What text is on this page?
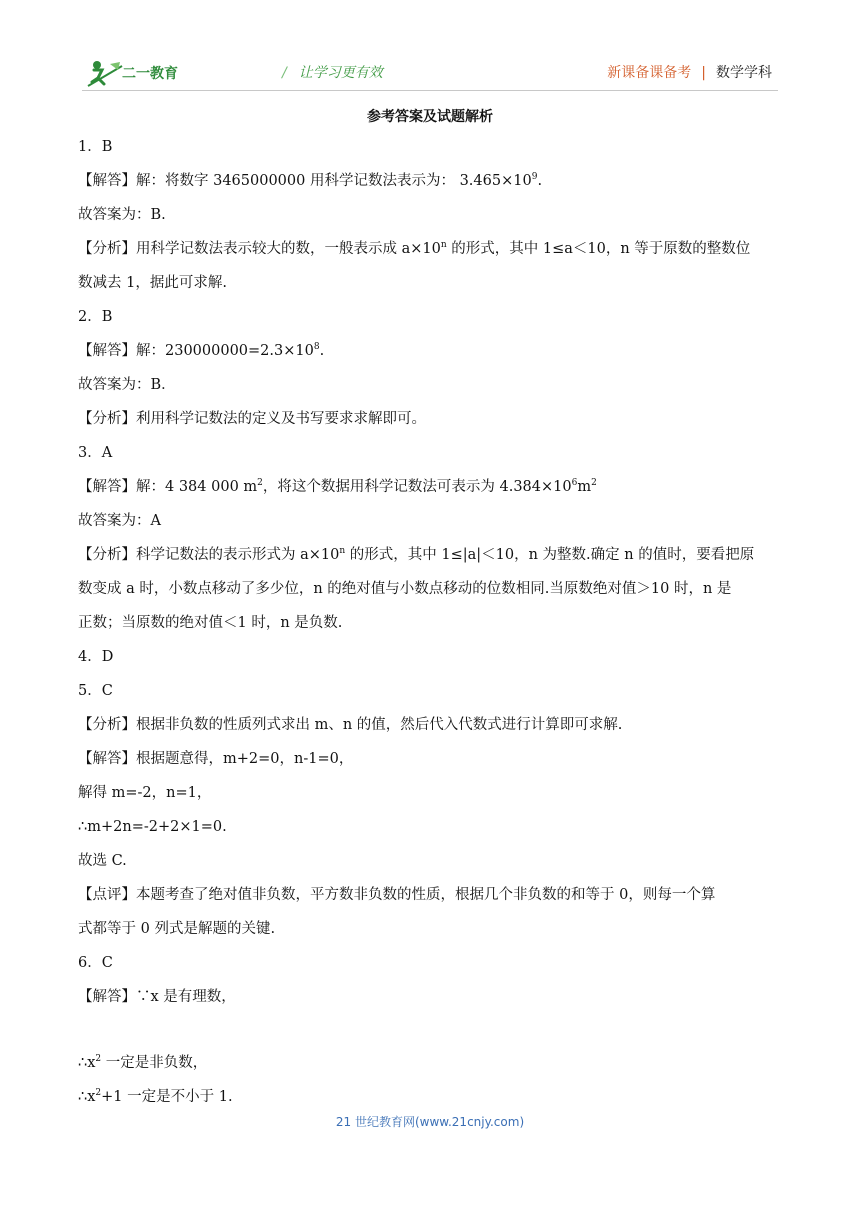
二一教育	/ 让学习更有效	新课备课备考 | 数学学科
参考答案及试题解析
1．B
【解答】解：将数字 3465000000 用科学记数法表示为： $3.465\times 10^9$.
故答案为：B.
【分析】用科学记数法表示较大的数，一般表示成 $a\times 10^n$ 的形式，其中 1≤a＜10，n 等于原数的整数位
数减去 1，据此可求解.
2．B
【解答】解：$230000000=2.3\times 10^8$.
故答案为：B．
【分析】利用科学记数法的定义及书写要求求解即可。
3．A
【解答】解：4 384 000 $m^2$，将这个数据用科学记数法可表示为 $4.384\times 10^6m^2$
故答案为：A
【分析】科学记数法的表示形式为 $a\times 10^n$ 的形式，其中 1≤|a|＜10，n 为整数.确定 n 的值时，要看把原
数变成 a 时，小数点移动了多少位，n 的绝对值与小数点移动的位数相同.当原数绝对值＞10 时，n 是
正数；当原数的绝对值＜1 时，n 是负数.
4．D
5．C
【分析】根据非负数的性质列式求出 m、n 的值，然后代入代数式进行计算即可求解.
【解答】根据题意得，m+2=0，n-1=0，
解得 m=-2，n=1，
∴m+2n=-2+2×1=0.
故选 C.
【点评】本题考查了绝对值非负数，平方数非负数的性质，根据几个非负数的和等于 0，则每一个算
式都等于 0 列式是解题的关键.
6．C
【解答】∵x 是有理数，
$\therefore x^2$ 一定是非负数，
$\therefore x^2+1$ 一定是不小于 1.
21 世纪教育网(www.21cnjy.com)
